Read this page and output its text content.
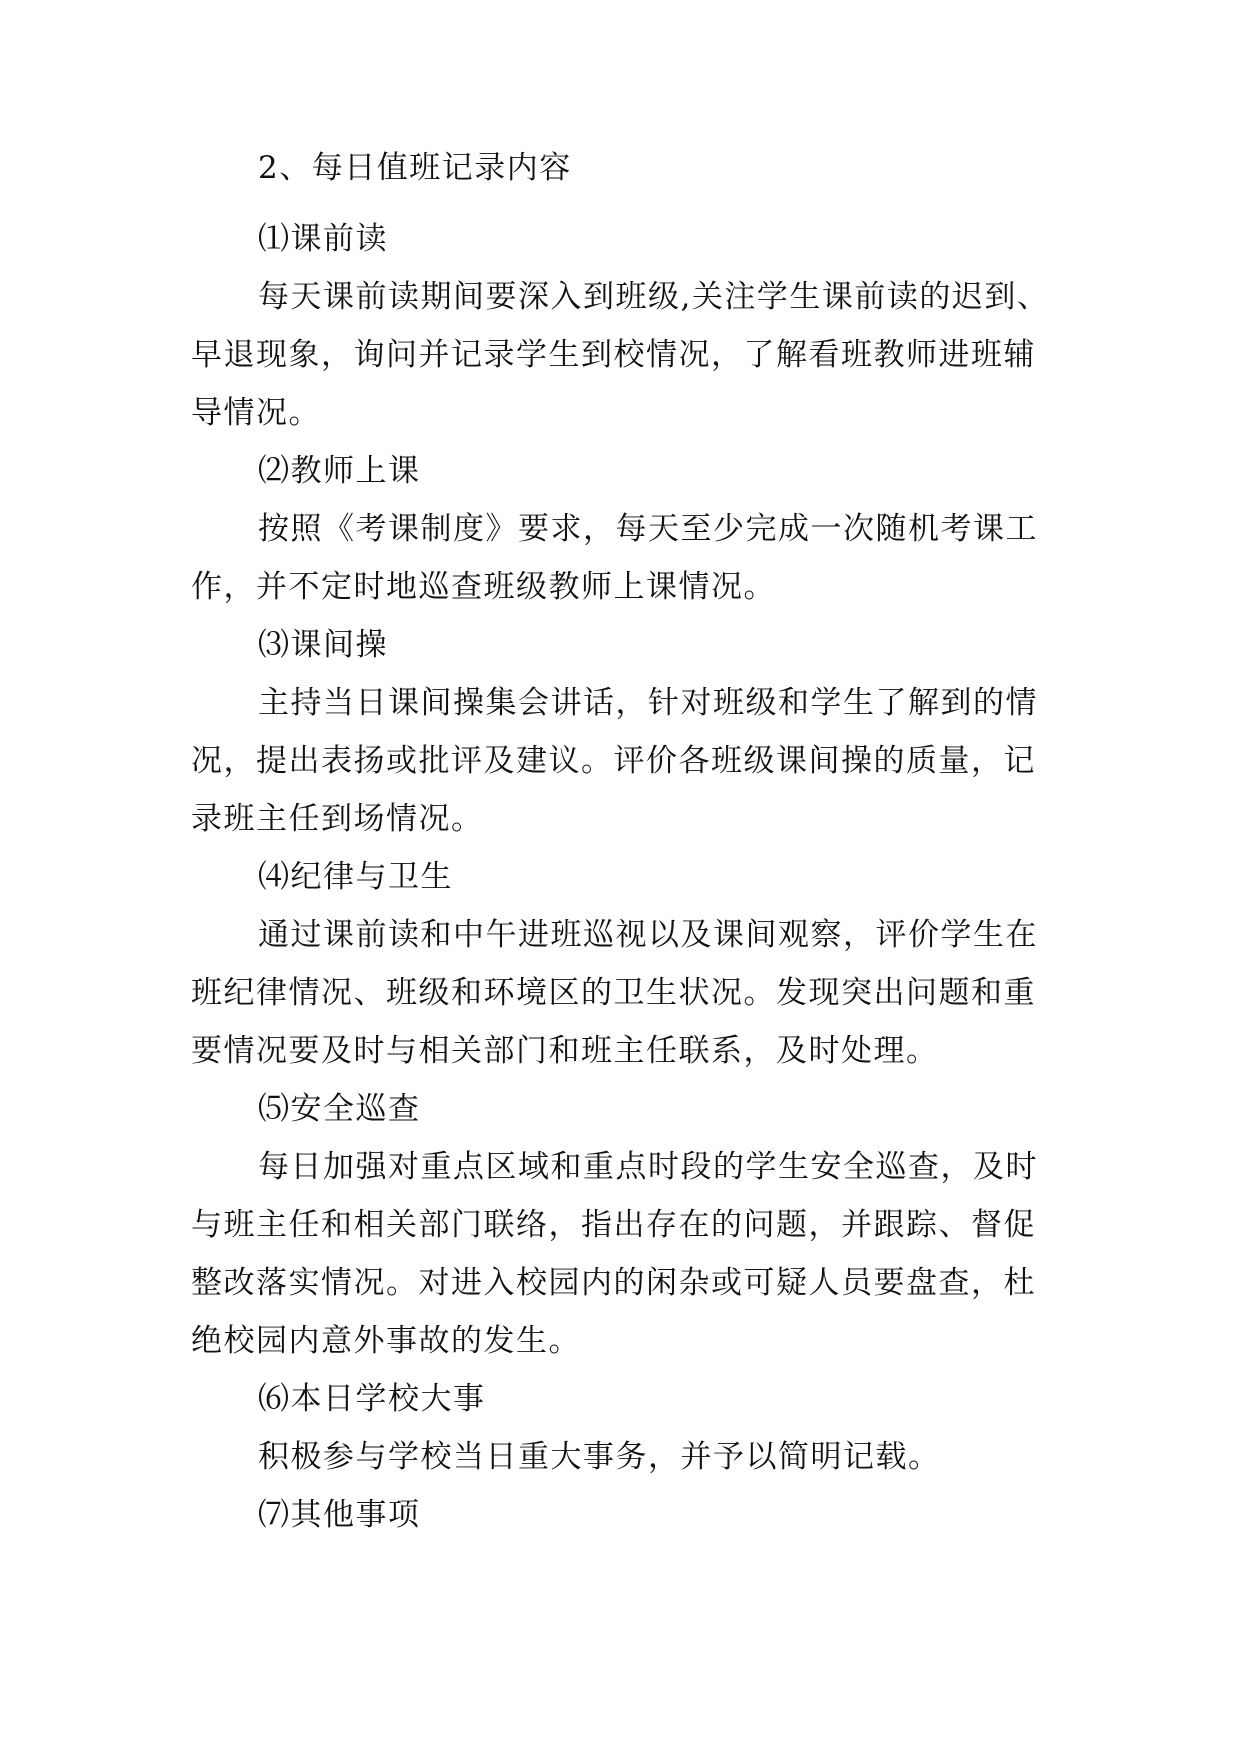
2、每日值班记录内容
⑴课前读
每天课前读期间要深入到班级,关注学生课前读的迟到、
早退现象，询问并记录学生到校情况，了解看班教师进班辅
导情况。
⑵教师上课
按照《考课制度》要求，每天至少完成一次随机考课工
作，并不定时地巡查班级教师上课情况。
⑶课间操
主持当日课间操集会讲话，针对班级和学生了解到的情
况，提出表扬或批评及建议。评价各班级课间操的质量，记
录班主任到场情况。
⑷纪律与卫生
通过课前读和中午进班巡视以及课间观察，评价学生在
班纪律情况、班级和环境区的卫生状况。发现突出问题和重
要情况要及时与相关部门和班主任联系，及时处理。
⑸安全巡查
每日加强对重点区域和重点时段的学生安全巡查，及时
与班主任和相关部门联络，指出存在的问题，并跟踪、督促
整改落实情况。对进入校园内的闲杂或可疑人员要盘查，杜
绝校园内意外事故的发生。
⑹本日学校大事
积极参与学校当日重大事务，并予以简明记载。
⑺其他事项
